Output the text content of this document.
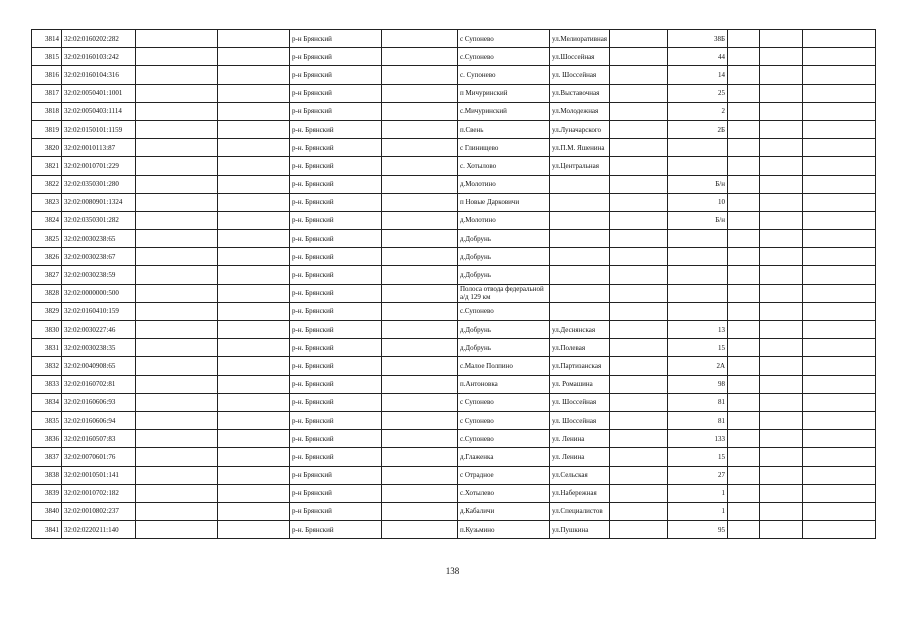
3814	32:02:0160202:282			р-н Брянский		с Супонево	ул.Мелиоративная		38Б			
3815	32:02:0160103:242			р-н Брянский		с.Супонево	ул.Шоссейная		44			
3816	32:02:0160104:316			р-н Брянский		с. Супонево	ул. Шоссейная		14			
3817	32:02:0050401:1001			р-н Брянский		п Мичуринский	ул.Выставочная		25			
3818	32:02:0050403:1114			р-н Брянский		с.Мичуринский	ул.Молодежная		2			
3819	32:02:0150101:1159			р-н. Брянский		п.Свень	ул.Луначарского		2Б			
3820	32:02:0010113:87			р-н. Брянский		с Глинищево	ул.П.М. Яшенина					
3821	32:02:0010701:229			р-н. Брянский		с. Хотылово	ул.Центральная					
3822	32:02:0350301:280			р-н. Брянский		д.Молотино			Б/н			
3823	32:02:0080901:1324			р-н. Брянский		п Новые Дарковичи			10			
3824	32:02:0350301:282			р-н. Брянский		д.Молотино			Б/н			
3825	32:02:0030238:65			р-н. Брянский		д.Добрунь						
3826	32:02:0030238:67			р-н. Брянский		д.Добрунь						
3827	32:02:0030238:59			р-н. Брянский		д.Добрунь						
3828	32:02:0000000:500			р-н. Брянский		Полоса отвода федеральной а/д 129 км						
3829	32:02:0160410:159			р-н. Брянский		с.Супонево						
3830	32:02:0030227:46			р-н. Брянский		д.Добрунь	ул.Деснянская		13			
3831	32:02:0030238:35			р-н. Брянский		д.Добрунь	ул.Полевая		15			
3832	32:02:0040908:65			р-н. Брянский		с.Малое Полпино	ул.Партизанская		2А			
3833	32:02:0160702:81			р-н. Брянский		п.Антоновка	ул. Ромашина		98			
3834	32:02:0160606:93			р-н. Брянский		с Супонево	ул. Шоссейная		81			
3835	32:02:0160606:94			р-н. Брянский		с Супонево	ул. Шоссейная		81			
3836	32:02:0160507:83			р-н. Брянский		с.Супонево	ул. Ленина		133			
3837	32:02:0070601:76			р-н. Брянский		д.Глаженка	ул. Ленина		15			
3838	32:02:0010501:141			р-н Брянский		с Отрадное	ул.Сельская		27			
3839	32:02:0010702:182			р-н Брянский		с.Хотылево	ул.Набережная		1			
3840	32:02:0010802:237			р-н Брянский		д.Кабаличи	ул.Специалистов		1			
3841	32:02:0220211:140			р-н. Брянский		п.Кузьмино	ул.Пушкина		95			
138
